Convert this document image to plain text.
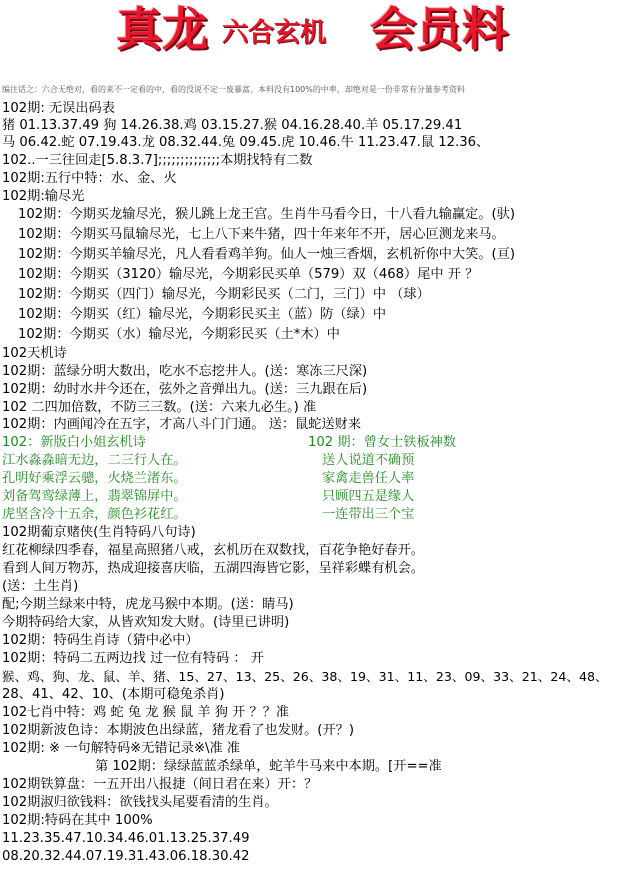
真龙 六合玄机 会员料
编注话之：六合无绝对，看的来不一定看的中，看的没说不定一废暴富。本料没有100%的中率，却绝对是一份非常有分量参考资料
102期: 无误出码表
猪 01.13.37.49 狗 14.26.38.鸡 03.15.27.猴 04.16.28.40.羊 05.17.29.41
马 06.42.蛇 07.19.43.龙 08.32.44.兔 09.45.虎 10.46.牛 11.23.47.鼠 12.36、
102..一三往回走[5.8.3.7];;;;;;;;;;;;;;本期找特有二数
102期:五行中特：水、金、火
102期:输尽光
102期：今期买龙输尽光，猴儿跳上龙王宫。生肖牛马看今日，十八看九输赢定。(驮)
102期：今期买马鼠输尽光，七上八下来牛猪，四十年来年不开，居心叵测龙来马。
102期：今期买羊输尽光，凡人看看鸡羊狗。仙人一烛三香烟，玄机祈你中大笑。(亘)
102期：今期买（3120）输尽光，今期彩民买单（579）双（468）尾中 开 ？
102期：今期买（四门）输尽光，今期彩民买（二门，三门）中 （球）
102期：今期买（红）输尽光，今期彩民买主（蓝）防（绿）中
102期：今期买（水）输尽光，今期彩民买（土*木）中
102天机诗
102期：蓝绿分明大数出，吃水不忘挖井人。(送：寒冻三尺深)
102期：幼时水井今还在，弦外之音弹出九。(送：三九跟在后)
102 二四加倍数，不防三三数。(送：六来九必生。) 准
102期：内画闻冷在五字，才高八斗门门通。 送：鼠蛇送财来
102：新版白小姐玄机诗
江水淼淼暗无边，二三行人在。
孔明好乘浮云骢，火烧兰渚东。
刘备驾鸾绿薄上，翡翠锦屏中。
虎坚含冷十五余，颜色衫花红。
102 期：曾女士铁板神数
送人说道不确预
家禽走兽任人率
只顾四五是缘人
一连带出三个宝
102期葡京赌侠(生肖特码八句诗)
红花柳绿四季春，福星高照猪八戒，玄机历在双数找，百花争艳好春开。
看到人间万物苏，热成迎接喜庆临，五湖四海皆它影，呈祥彩蝶有机会。
(送：土生肖)
配;今期兰绿来中特，虎龙马猴中本期。(送：睛马)
今期特码给大家，从皆欢知发大财。(诗里已讲明)
102期：特码生肖诗（猜中必中）
102期：特码二五两边找 过一位有特码 ： 开
猴、鸡、狗、龙、鼠、羊、猪、15、27、13、25、26、38、19、31、11、23、09、33、21、24、48、
28、41、42、10、(本期可稳兔杀肖)
102七肖中特：鸡 蛇 兔 龙 猴 鼠 羊 狗 开 ？？准
102期新波色诗：本期波色出绿蓝，猪龙看了也发财。(开？)
102期: ※ 一句解特码※无错记录※\准 准
第 102期：绿绿蓝蓝杀绿单，蛇羊牛马来中本期。[开==准
102期铁算盘：一五开出八报捷（间日君在来）开：？
102期淑归欲钱料：欲钱找头尾要看清的生肖。
102期:特码在其中 100%
11.23.35.47.10.34.46.01.13.25.37.49
08.20.32.44.07.19.31.43.06.18.30.42
